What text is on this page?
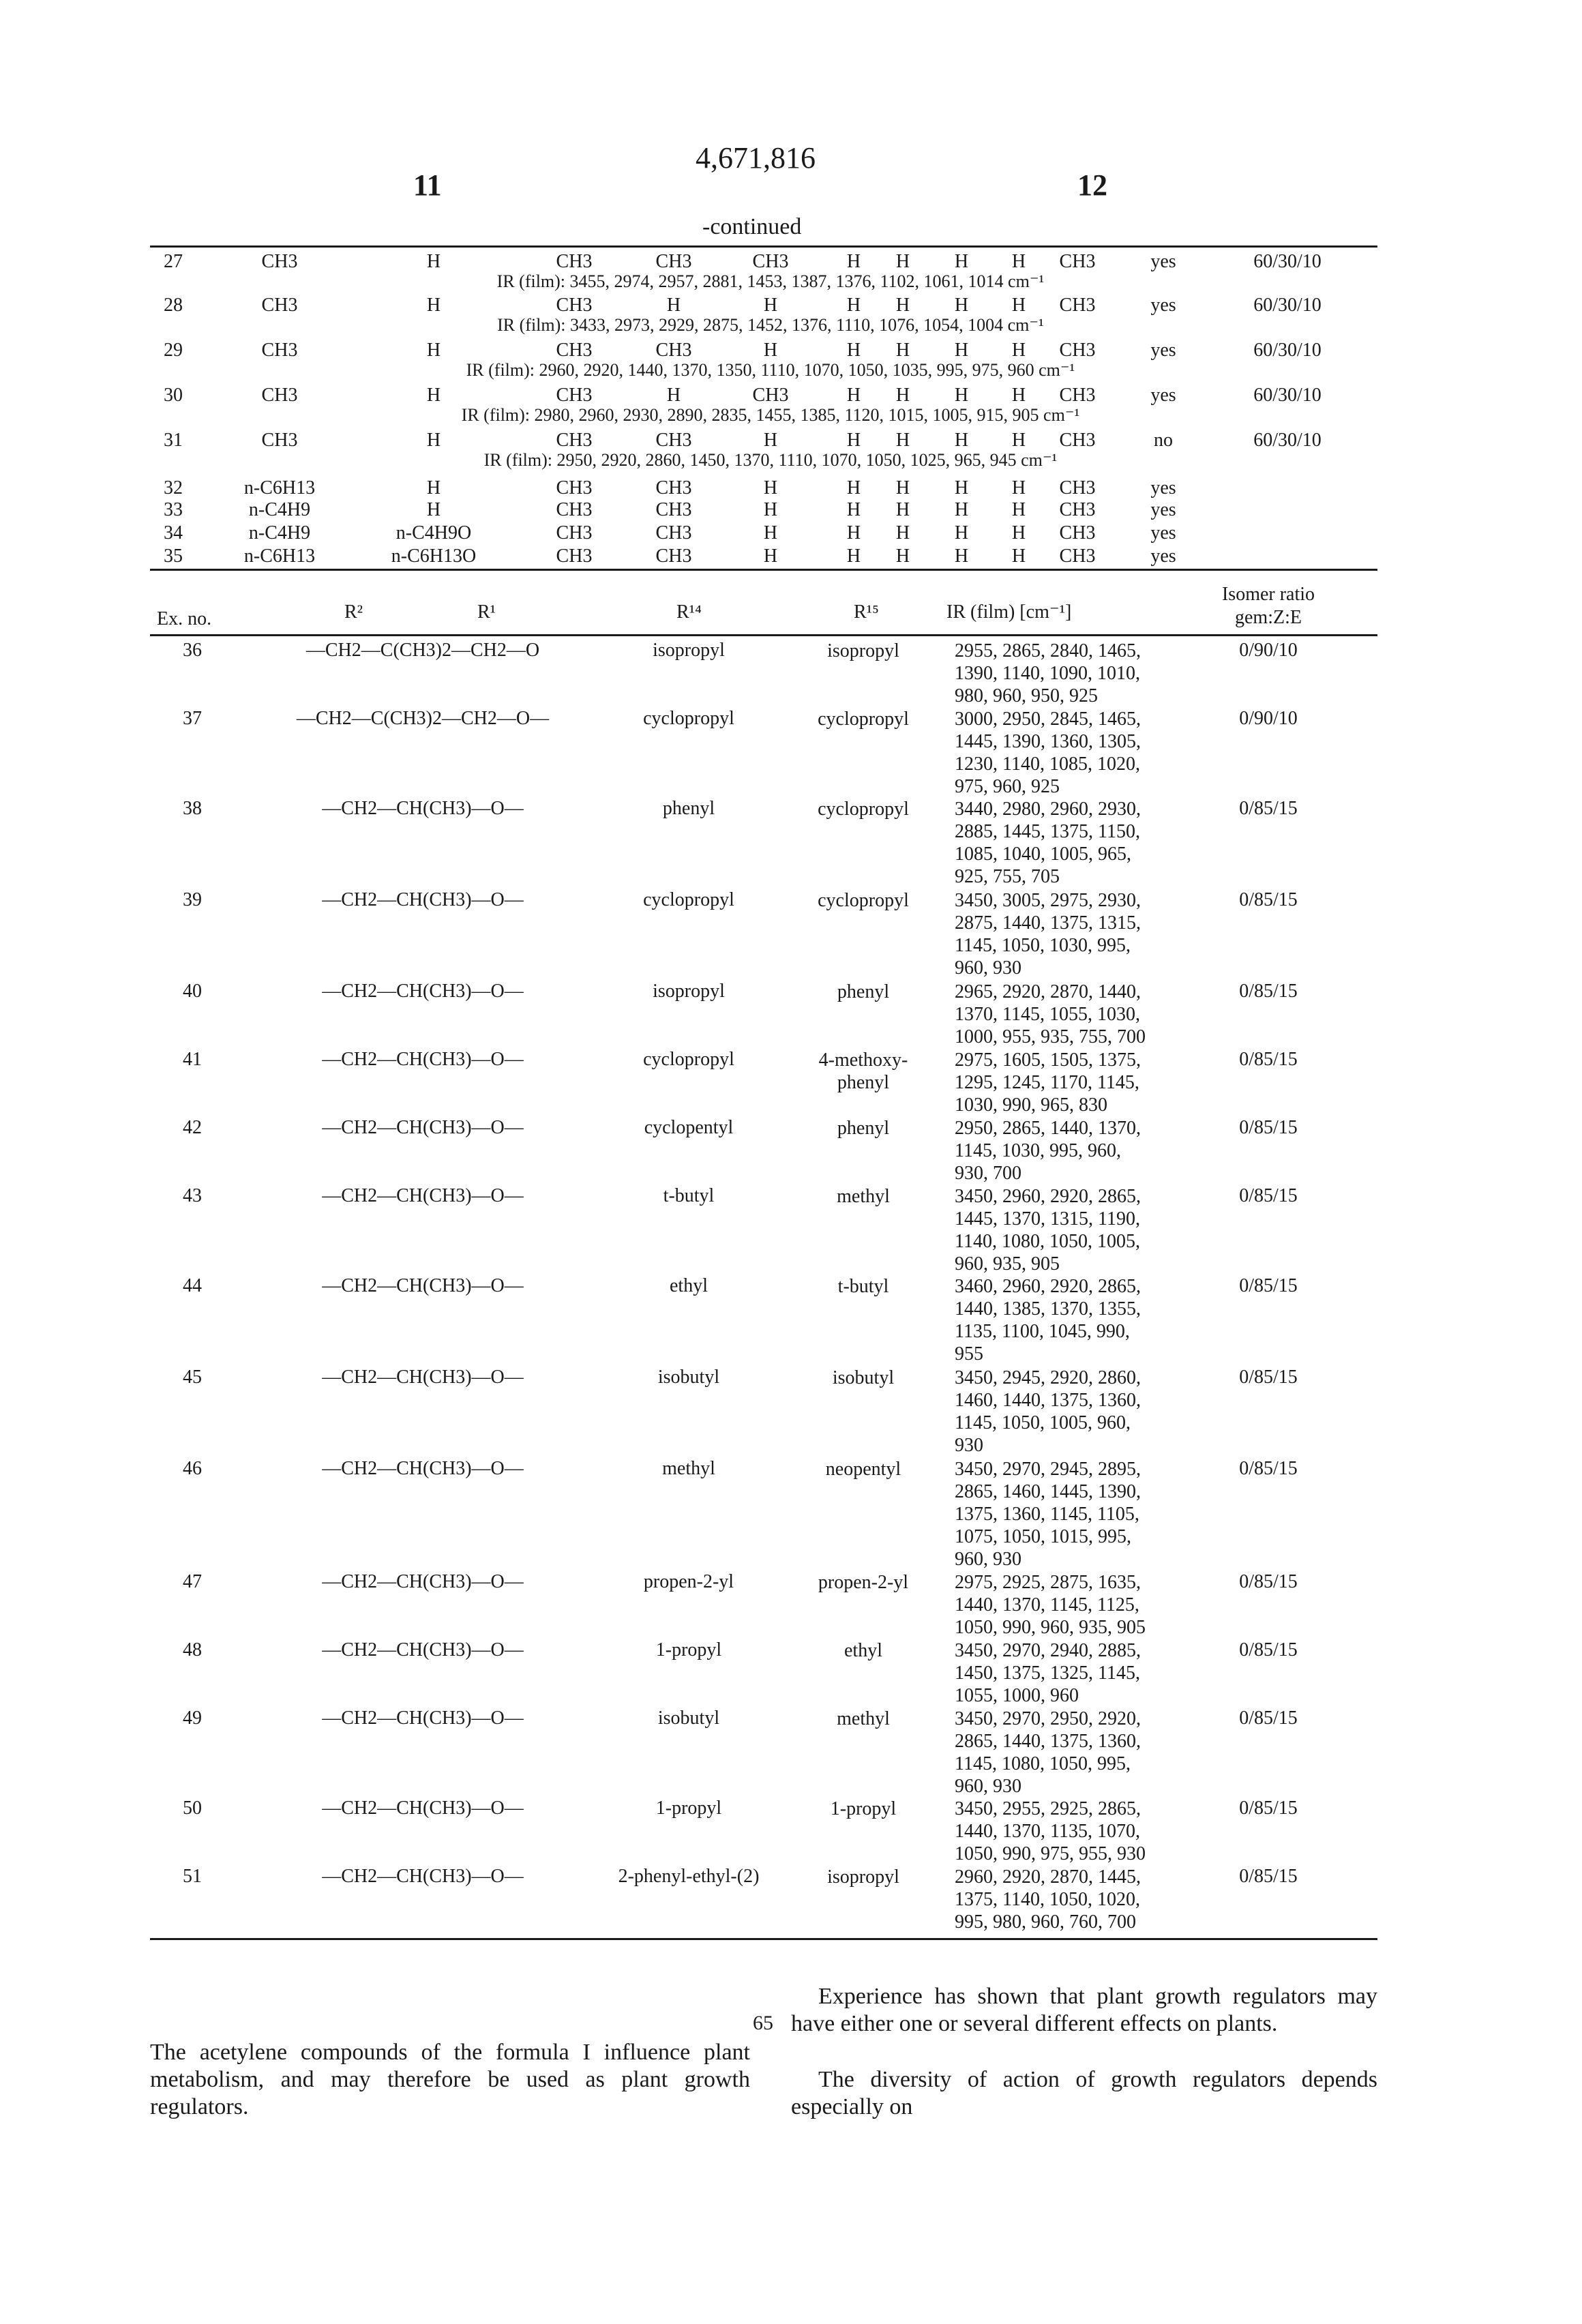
11
4,671,816
12
-continued
27	CH3	H	CH3	CH3	CH3	H H H H CH3	yes	60/30/10
IR (film): 3455, 2974, 2957, 2881, 1453, 1387, 1376, 1102, 1061, 1014 cm⁻¹
28	CH3	H	CH3	H	H	H H H H CH3	yes	60/30/10
IR (film): 3433, 2973, 2929, 2875, 1452, 1376, 1110, 1076, 1054, 1004 cm⁻¹
29	CH3	H	CH3	CH3	H	H H H H CH3	yes	60/30/10
IR (film): 2960, 2920, 1440, 1370, 1350, 1110, 1070, 1050, 1035, 995, 975, 960 cm⁻¹
30	CH3	H	CH3	H	CH3	H H H H CH3	yes	60/30/10
IR (film): 2980, 2960, 2930, 2890, 2835, 1455, 1385, 1120, 1015, 1005, 915, 905 cm⁻¹
31	CH3	H	CH3	CH3	H	H H H H CH3	no	60/30/10
IR (film): 2950, 2920, 2860, 1450, 1370, 1110, 1070, 1050, 1025, 965, 945 cm⁻¹
32	n-C6H13	H	CH3	CH3	H	H H H H CH3	yes
33	n-C4H9	H	CH3	CH3	H	H H H H CH3	yes
34	n-C4H9	n-C4H9O	CH3	CH3	H	H H H H CH3	yes
35	n-C6H13	n-C6H13O	CH3	CH3	H	H H H H CH3	yes
Ex. no.	R²	R¹	R¹⁴	R¹⁵	IR (film) [cm⁻¹]
Isomer ratio
gem:Z:E
36	—CH2—C(CH3)2—CH2—O	isopropyl	isopropyl	2955, 2865, 2840, 1465,
1390, 1140, 1090, 1010,
980, 960, 950, 925
0/90/10
37	—CH2—C(CH3)2—CH2—O—	cyclopropyl	cyclopropyl 3000, 2950, 2845, 1465,
1445, 1390, 1360, 1305,
1230, 1140, 1085, 1020,
975, 960, 925
0/90/10
38	—CH2—CH(CH3)—O—	phenyl	cyclopropyl 3440, 2980, 2960, 2930,
2885, 1445, 1375, 1150,
1085, 1040, 1005, 965,
925, 755, 705
0/85/15
39	—CH2—CH(CH3)—O—	cyclopropyl	cyclopropyl 3450, 3005, 2975, 2930,
2875, 1440, 1375, 1315,
1145, 1050, 1030, 995,
960, 930
0/85/15
40	—CH2—CH(CH3)—O—	isopropyl	phenyl	2965, 2920, 2870, 1440,
1370, 1145, 1055, 1030,
1000, 955, 935, 755, 700
0/85/15
41	—CH2—CH(CH3)—O—	cyclopropyl	4-methoxy-
phenyl
2975, 1605, 1505, 1375,
1295, 1245, 1170, 1145,
1030, 990, 965, 830
0/85/15
42	—CH2—CH(CH3)—O—	cyclopentyl	phenyl	2950, 2865, 1440, 1370,
1145, 1030, 995, 960,
930, 700
0/85/15
43	—CH2—CH(CH3)—O—	t-butyl	methyl	3450, 2960, 2920, 2865,
1445, 1370, 1315, 1190,
1140, 1080, 1050, 1005,
960, 935, 905
0/85/15
44	—CH2—CH(CH3)—O—	ethyl	t-butyl	3460, 2960, 2920, 2865,
1440, 1385, 1370, 1355,
1135, 1100, 1045, 990,
955
0/85/15
45	—CH2—CH(CH3)—O—	isobutyl	isobutyl	3450, 2945, 2920, 2860,
1460, 1440, 1375, 1360,
1145, 1050, 1005, 960,
930
0/85/15
46	—CH2—CH(CH3)—O—	methyl	neopentyl	3450, 2970, 2945, 2895,
2865, 1460, 1445, 1390,
1375, 1360, 1145, 1105,
1075, 1050, 1015, 995,
960, 930
0/85/15
47	—CH2—CH(CH3)—O—	propen-2-yl	propen-2-yl 2975, 2925, 2875, 1635,
1440, 1370, 1145, 1125,
1050, 990, 960, 935, 905
0/85/15
48	—CH2—CH(CH3)—O—	1-propyl	ethyl	3450, 2970, 2940, 2885,
1450, 1375, 1325, 1145,
1055, 1000, 960
0/85/15
49	—CH2—CH(CH3)—O—	isobutyl	methyl	3450, 2970, 2950, 2920,
2865, 1440, 1375, 1360,
1145, 1080, 1050, 995,
960, 930
0/85/15
50	—CH2—CH(CH3)—O—	1-propyl	1-propyl	3450, 2955, 2925, 2865,
1440, 1370, 1135, 1070,
1050, 990, 975, 955, 930
0/85/15
51	—CH2—CH(CH3)—O—	2-phenyl-ethyl-(2)	isopropyl	2960, 2920, 2870, 1445,
1375, 1140, 1050, 1020,
995, 980, 960, 760, 700
0/85/15
The acetylene compounds of the formula I influence plant metabolism, and may therefore be used as plant growth regulators.
65
Experience has shown that plant growth regulators may have either one or several different effects on plants.
The diversity of action of growth regulators depends especially on
